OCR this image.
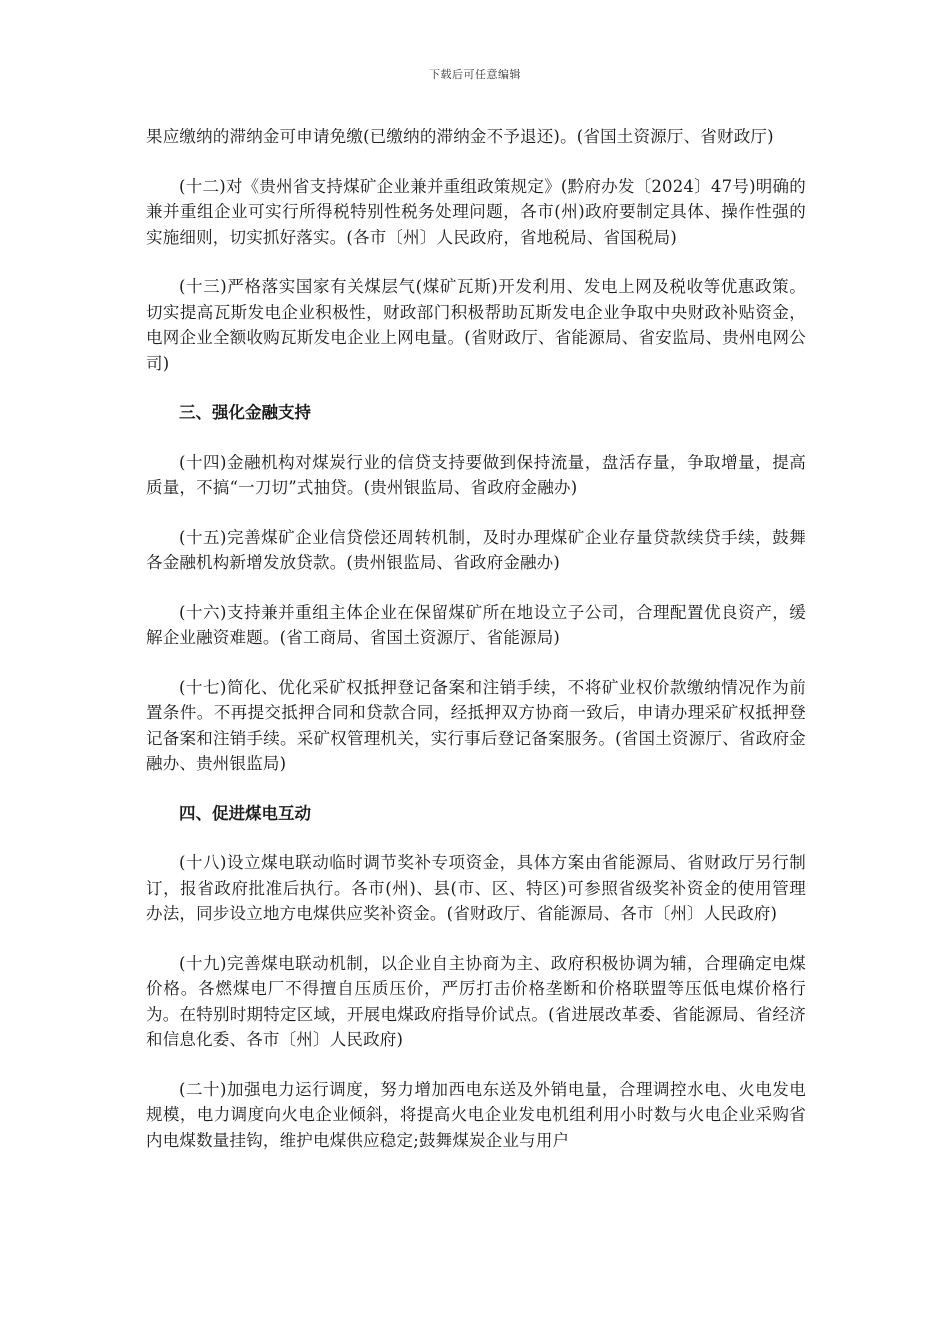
下载后可任意编辑

果应缴纳的滞纳金可申请免缴(已缴纳的滞纳金不予退还)。(省国土资源厅、省财政厅)

(十二)对《贵州省支持煤矿企业兼并重组政策规定》(黔府办发〔2024〕47号)明确的兼并重组企业可实行所得税特别性税务处理问题，各市(州)政府要制定具体、操作性强的实施细则，切实抓好落实。(各市〔州〕人民政府，省地税局、省国税局)

(十三)严格落实国家有关煤层气(煤矿瓦斯)开发利用、发电上网及税收等优惠政策。切实提高瓦斯发电企业积极性，财政部门积极帮助瓦斯发电企业争取中央财政补贴资金，电网企业全额收购瓦斯发电企业上网电量。(省财政厅、省能源局、省安监局、贵州电网公司)

三、强化金融支持

(十四)金融机构对煤炭行业的信贷支持要做到保持流量，盘活存量，争取增量，提高质量，不搞“一刀切”式抽贷。(贵州银监局、省政府金融办)

(十五)完善煤矿企业信贷偿还周转机制，及时办理煤矿企业存量贷款续贷手续，鼓舞各金融机构新增发放贷款。(贵州银监局、省政府金融办)

(十六)支持兼并重组主体企业在保留煤矿所在地设立子公司，合理配置优良资产，缓解企业融资难题。(省工商局、省国土资源厅、省能源局)

(十七)简化、优化采矿权抵押登记备案和注销手续，不将矿业权价款缴纳情况作为前置条件。不再提交抵押合同和贷款合同，经抵押双方协商一致后，申请办理采矿权抵押登记备案和注销手续。采矿权管理机关，实行事后登记备案服务。(省国土资源厅、省政府金融办、贵州银监局)

四、促进煤电互动

(十八)设立煤电联动临时调节奖补专项资金，具体方案由省能源局、省财政厅另行制订，报省政府批准后执行。各市(州)、县(市、区、特区)可参照省级奖补资金的使用管理办法，同步设立地方电煤供应奖补资金。(省财政厅、省能源局、各市〔州〕人民政府)

(十九)完善煤电联动机制，以企业自主协商为主、政府积极协调为辅，合理确定电煤价格。各燃煤电厂不得擅自压质压价，严厉打击价格垄断和价格联盟等压低电煤价格行为。在特别时期特定区域，开展电煤政府指导价试点。(省进展改革委、省能源局、省经济和信息化委、各市〔州〕人民政府)

(二十)加强电力运行调度，努力增加西电东送及外销电量，合理调控水电、火电发电规模，电力调度向火电企业倾斜，将提高火电企业发电机组利用小时数与火电企业采购省内电煤数量挂钩，维护电煤供应稳定;鼓舞煤炭企业与用户
